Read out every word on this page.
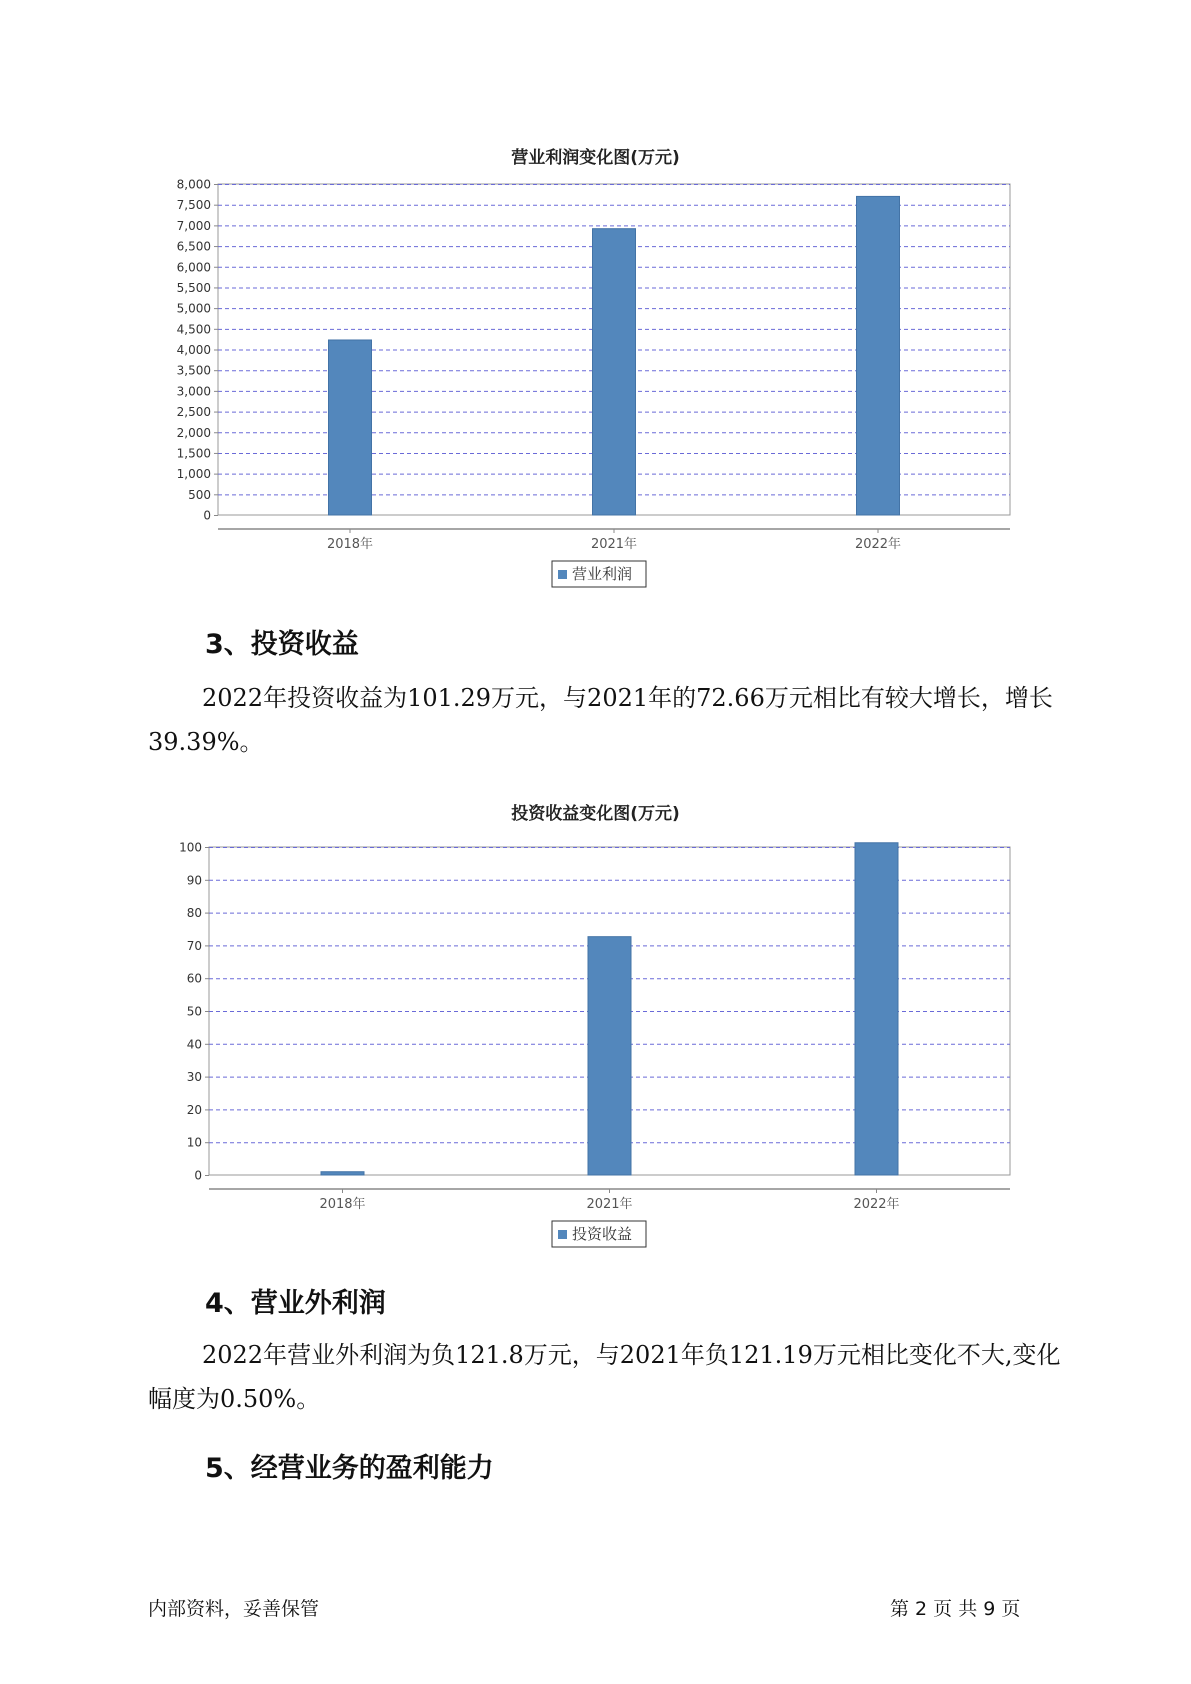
营业利润变化图(万元)
0
500
1,000
1,500
2,000
2,500
3,000
3,500
4,000
4,500
5,000
5,500
6,000
6,500
7,000
7,500
8,000
2018年	2021年	2022年
营业利润
3、投资收益
2022年投资收益为101.29万元，与2021年的72.66万元相比有较大增长，增长39.39%。
投资收益变化图(万元)
0
10
20
30
40
50
60
70
80
90
100
2018年	2021年	2022年
投资收益
4、营业外利润
2022年营业外利润为负121.8万元，与2021年负121.19万元相比变化不大,变化幅度为0.50%。
5、经营业务的盈利能力
内部资料，妥善保管	第 2 页 共 9 页
